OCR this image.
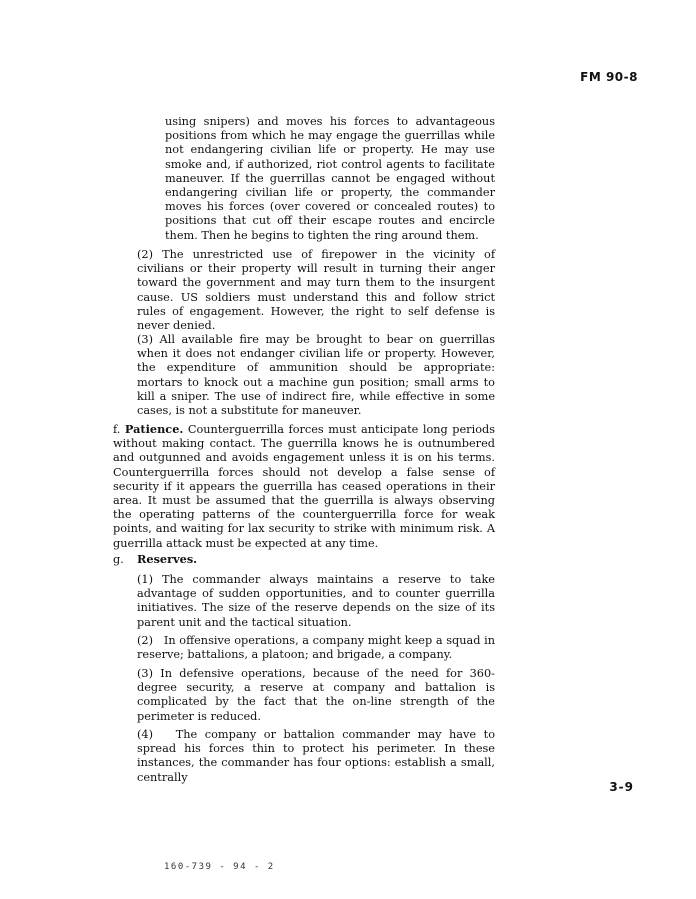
FM 90-8

using snipers) and moves his forces to advantageous positions from which he may engage the guerrillas while not endangering civilian life or property. He may use smoke and, if authorized, riot control agents to facilitate maneuver. If the guerrillas cannot be engaged without endangering civilian life or property, the commander moves his forces (over covered or concealed routes) to positions that cut off their escape routes and encircle them. Then he begins to tighten the ring around them.

(2) The unrestricted use of firepower in the vicinity of civilians or their property will result in turning their anger toward the government and may turn them to the insurgent cause. US soldiers must understand this and follow strict rules of engagement. However, the right to self defense is never denied.

(3) All available fire may be brought to bear on guerrillas when it does not endanger civilian life or property. However, the expenditure of ammunition should be appropriate: mortars to knock out a machine gun position; small arms to kill a sniper. The use of indirect fire, while effective in some cases, is not a substitute for maneuver.

f. Patience. Counterguerrilla forces must anticipate long periods without making contact. The guerrilla knows he is outnumbered and outgunned and avoids engagement unless it is on his terms. Counterguerrilla forces should not develop a false sense of security if it appears the guerrilla has ceased operations in their area. It must be assumed that the guerrilla is always observing the operating patterns of the counterguerrilla force for weak points, and waiting for lax security to strike with minimum risk. A guerrilla attack must be expected at any time.

g. Reserves.

(1) The commander always maintains a reserve to take advantage of sudden opportunities, and to counter guerrilla initiatives. The size of the reserve depends on the size of its parent unit and the tactical situation.

(2) In offensive operations, a company might keep a squad in reserve; battalions, a platoon; and brigade, a company.

(3) In defensive operations, because of the need for 360-degree security, a reserve at company and battalion is complicated by the fact that the on-line strength of the perimeter is reduced.

(4) The company or battalion commander may have to spread his forces thin to protect his perimeter. In these instances, the commander has four options: establish a small, centrally

3-9
160-739 - 94 - 2
